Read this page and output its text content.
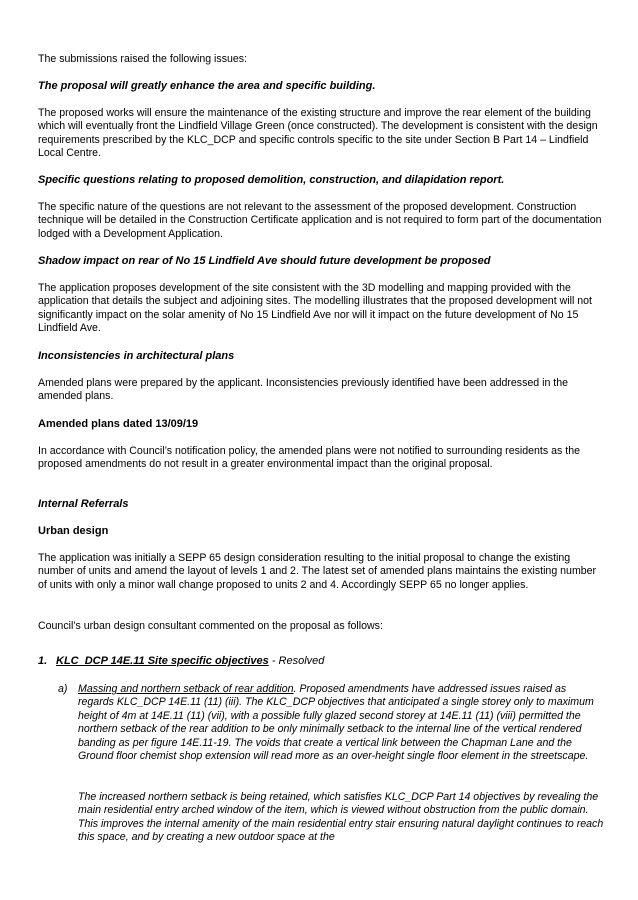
The submissions raised the following issues:
The proposal will greatly enhance the area and specific building.
The proposed works will ensure the maintenance of the existing structure and improve the rear element of the building which will eventually front the Lindfield Village Green (once constructed). The development is consistent with the design requirements prescribed by the KLC_DCP and specific controls specific to the site under Section B Part 14 – Lindfield Local Centre.
Specific questions relating to proposed demolition, construction, and dilapidation report.
The specific nature of the questions are not relevant to the assessment of the proposed development. Construction technique will be detailed in the Construction Certificate application and is not required to form part of the documentation lodged with a Development Application.
Shadow impact on rear of No 15 Lindfield Ave should future development be proposed
The application proposes development of the site consistent with the 3D modelling and mapping provided with the application that details the subject and adjoining sites. The modelling illustrates that the proposed development will not significantly impact on the solar amenity of No 15 Lindfield Ave nor will it impact on the future development of No 15 Lindfield Ave.
Inconsistencies in architectural plans
Amended plans were prepared by the applicant. Inconsistencies previously identified have been addressed in the amended plans.
Amended plans dated 13/09/19
In accordance with Council’s notification policy, the amended plans were not notified to surrounding residents as the proposed amendments do not result in a greater environmental impact than the original proposal.
Internal Referrals
Urban design
The application was initially a SEPP 65 design consideration resulting to the initial proposal to change the existing number of units and amend the layout of levels 1 and 2. The latest set of amended plans maintains the existing number of units with only a minor wall change proposed to units 2 and 4. Accordingly SEPP 65 no longer applies.
Council’s urban design consultant commented on the proposal as follows:
1. KLC_DCP 14E.11 Site specific objectives - Resolved
a) Massing and northern setback of rear addition. Proposed amendments have addressed issues raised as regards KLC_DCP 14E.11 (11) (iii). The KLC_DCP objectives that anticipated a single storey only to maximum height of 4m at 14E.11 (11) (vii), with a possible fully glazed second storey at 14E.11 (11) (viii) permitted the northern setback of the rear addition to be only minimally setback to the internal line of the vertical rendered banding as per figure 14E.11-19. The voids that create a vertical link between the Chapman Lane and the Ground floor chemist shop extension will read more as an over-height single floor element in the streetscape.
The increased northern setback is being retained, which satisfies KLC_DCP Part 14 objectives by revealing the main residential entry arched window of the item, which is viewed without obstruction from the public domain. This improves the internal amenity of the main residential entry stair ensuring natural daylight continues to reach this space, and by creating a new outdoor space at the
